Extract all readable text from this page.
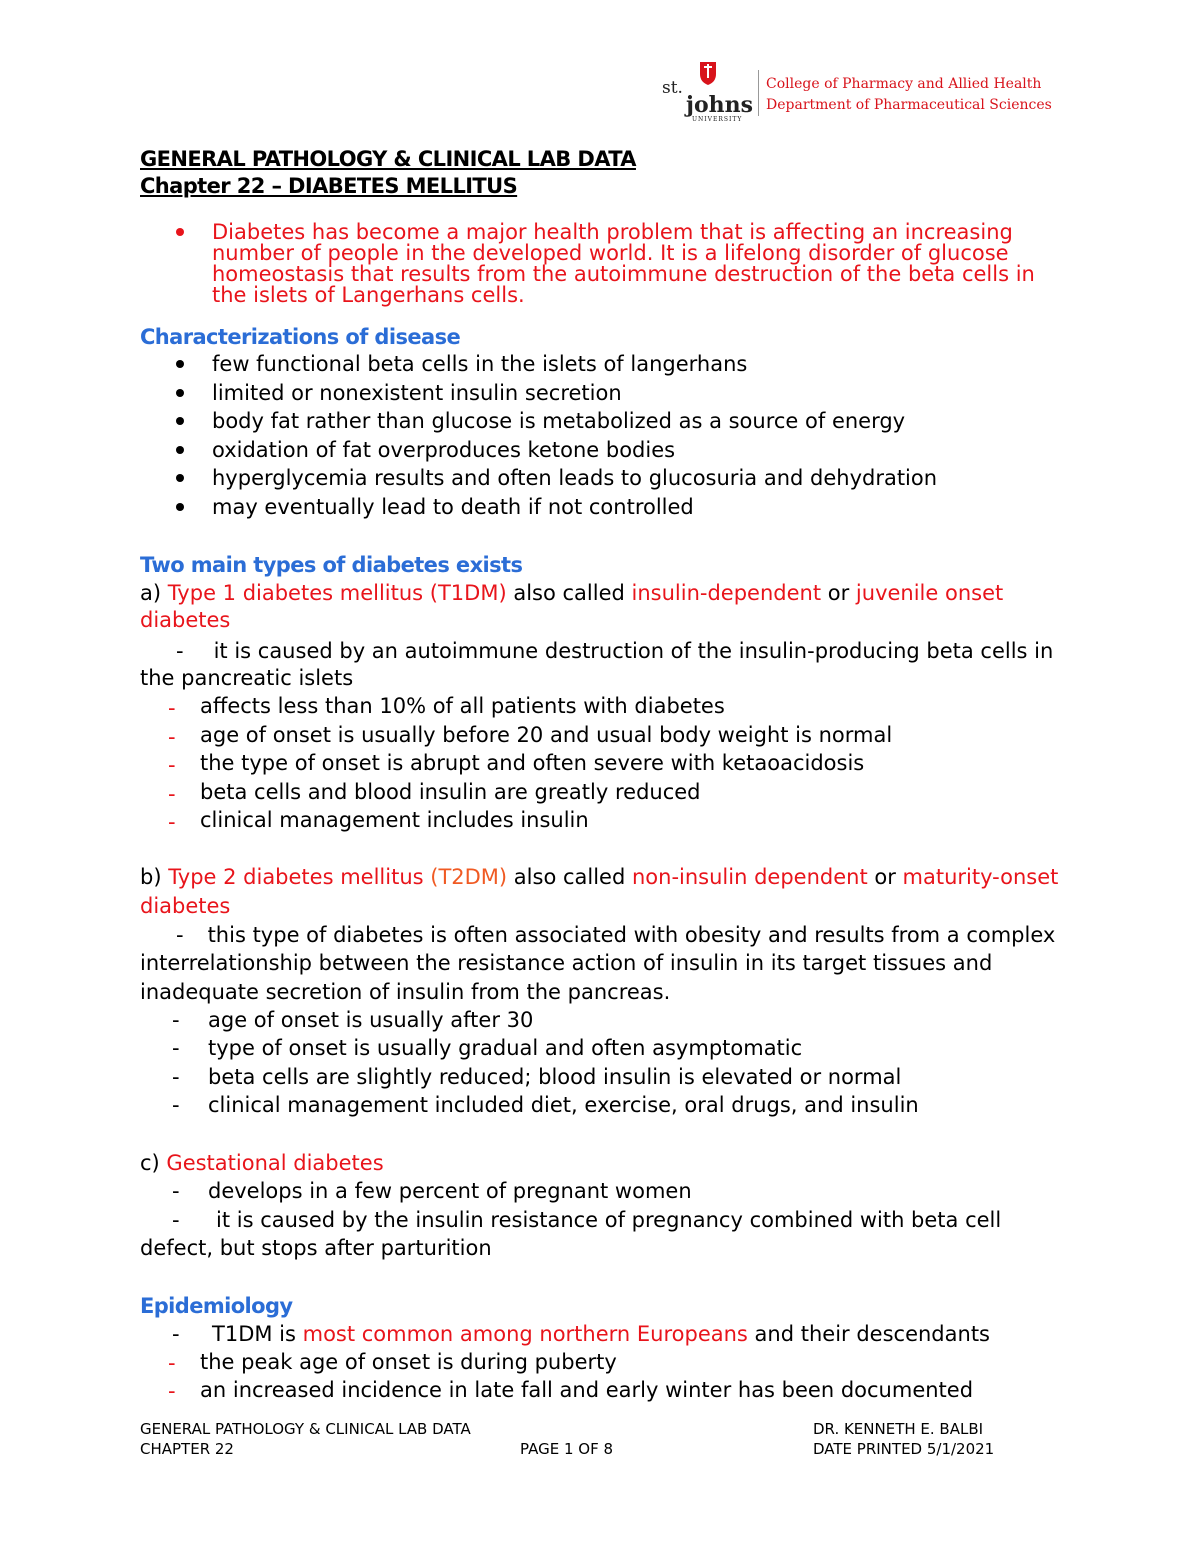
st.
johns
UNIVERSITY
College of Pharmacy and Allied Health
Department of Pharmaceutical Sciences
GENERAL PATHOLOGY & CLINICAL LAB DATA
Chapter 22 – DIABETES MELLITUS
Diabetes has become a major health problem that is affecting an increasing
number of people in the developed world. It is a lifelong disorder of glucose
homeostasis that results from the autoimmune destruction of the beta cells in
the islets of Langerhans cells.
Characterizations of disease
few functional beta cells in the islets of langerhans
limited or nonexistent insulin secretion
body fat rather than glucose is metabolized as a source of energy
oxidation of fat overproduces ketone bodies
hyperglycemia results and often leads to glucosuria and dehydration
may eventually lead to death if not controlled
Two main types of diabetes exists
a) Type 1 diabetes mellitus (T1DM) also called insulin-dependent or juvenile onset
diabetes
- it is caused by an autoimmune destruction of the insulin-producing beta cells in
the pancreatic islets
- affects less than 10% of all patients with diabetes
- age of onset is usually before 20 and usual body weight is normal
- the type of onset is abrupt and often severe with ketaoacidosis
- beta cells and blood insulin are greatly reduced
- clinical management includes insulin
b) Type 2 diabetes mellitus (T2DM) also called non-insulin dependent or maturity-onset
diabetes
- this type of diabetes is often associated with obesity and results from a complex
interrelationship between the resistance action of insulin in its target tissues and
inadequate secretion of insulin from the pancreas.
- age of onset is usually after 30
- type of onset is usually gradual and often asymptomatic
- beta cells are slightly reduced; blood insulin is elevated or normal
- clinical management included diet, exercise, oral drugs, and insulin
c) Gestational diabetes
- develops in a few percent of pregnant women
- it is caused by the insulin resistance of pregnancy combined with beta cell
defect, but stops after parturition
Epidemiology
- T1DM is most common among northern Europeans and their descendants
- the peak age of onset is during puberty
- an increased incidence in late fall and early winter has been documented
GENERAL PATHOLOGY & CLINICAL LAB DATA
CHAPTER 22	PAGE 1 OF 8
DR. KENNETH E. BALBI
DATE PRINTED 5/1/2021
